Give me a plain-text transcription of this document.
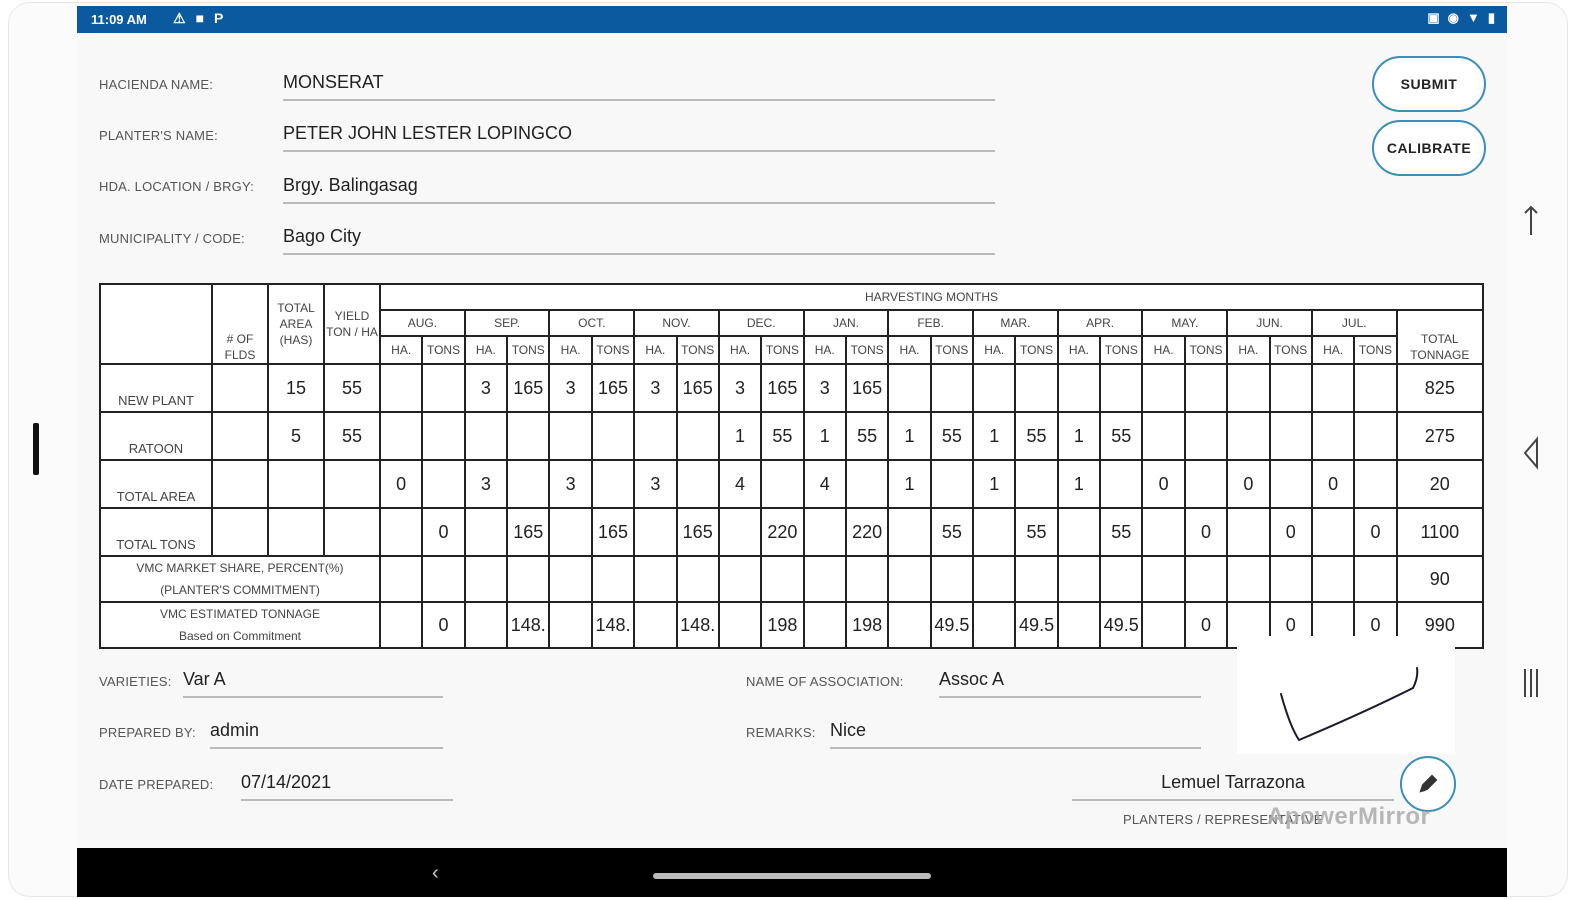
11:09 AM ⚠ ■ P	▣ ◉ ▼ ▮
HACIENDA NAME:	MONSERAT
PLANTER'S NAME:	PETER JOHN LESTER LOPINGCO
HDA. LOCATION / BRGY: Brgy. Balingasag
MUNICIPALITY / CODE: Bago City
SUBMIT
CALIBRATE
	# OF FLDS	TOTAL AREA (HAS)	YIELD TON / HA	HARVESTING MONTHS																								
				AUG.		SEP.		OCT.		NOV.		DEC.		JAN.		FEB.		MAR.		APR.		MAY.		JUN.		JUL.		TOTAL TONNAGE
				HA.	TONS	HA.	TONS	HA.	TONS	HA.	TONS	HA.	TONS	HA.	TONS	HA.	TONS	HA.	TONS	HA.	TONS	HA.	TONS	HA.	TONS	HA.	TONS	
NEW PLANT		15	55			3	165	3	165	3	165	3	165	3	165													825
RATOON		5	55									1	55	1	55	1	55	1	55	1	55							275
TOTAL AREA				0		3		3		3		4		4		1		1		1		0		0		0		20
TOTAL TONS					0		165		165		165		220		220		55		55		55		0		0		0	1100

VMC MARKET SHARE, PERCENT(%)
(PLANTER'S COMMITMENT)																												90

VMC ESTIMATED TONNAGE
Based on Commitment					0		148.		148.		148.		198		198		49.5		49.5		49.5		0		0		0	990
VARIETIES: Var A
PREPARED BY: admin
DATE PREPARED: 07/14/2021
NAME OF ASSOCIATION: Assoc A
REMARKS: Nice
Lemuel Tarrazona
PLANTERS / REPRESENTATIVE
ApowerMirror
‹
